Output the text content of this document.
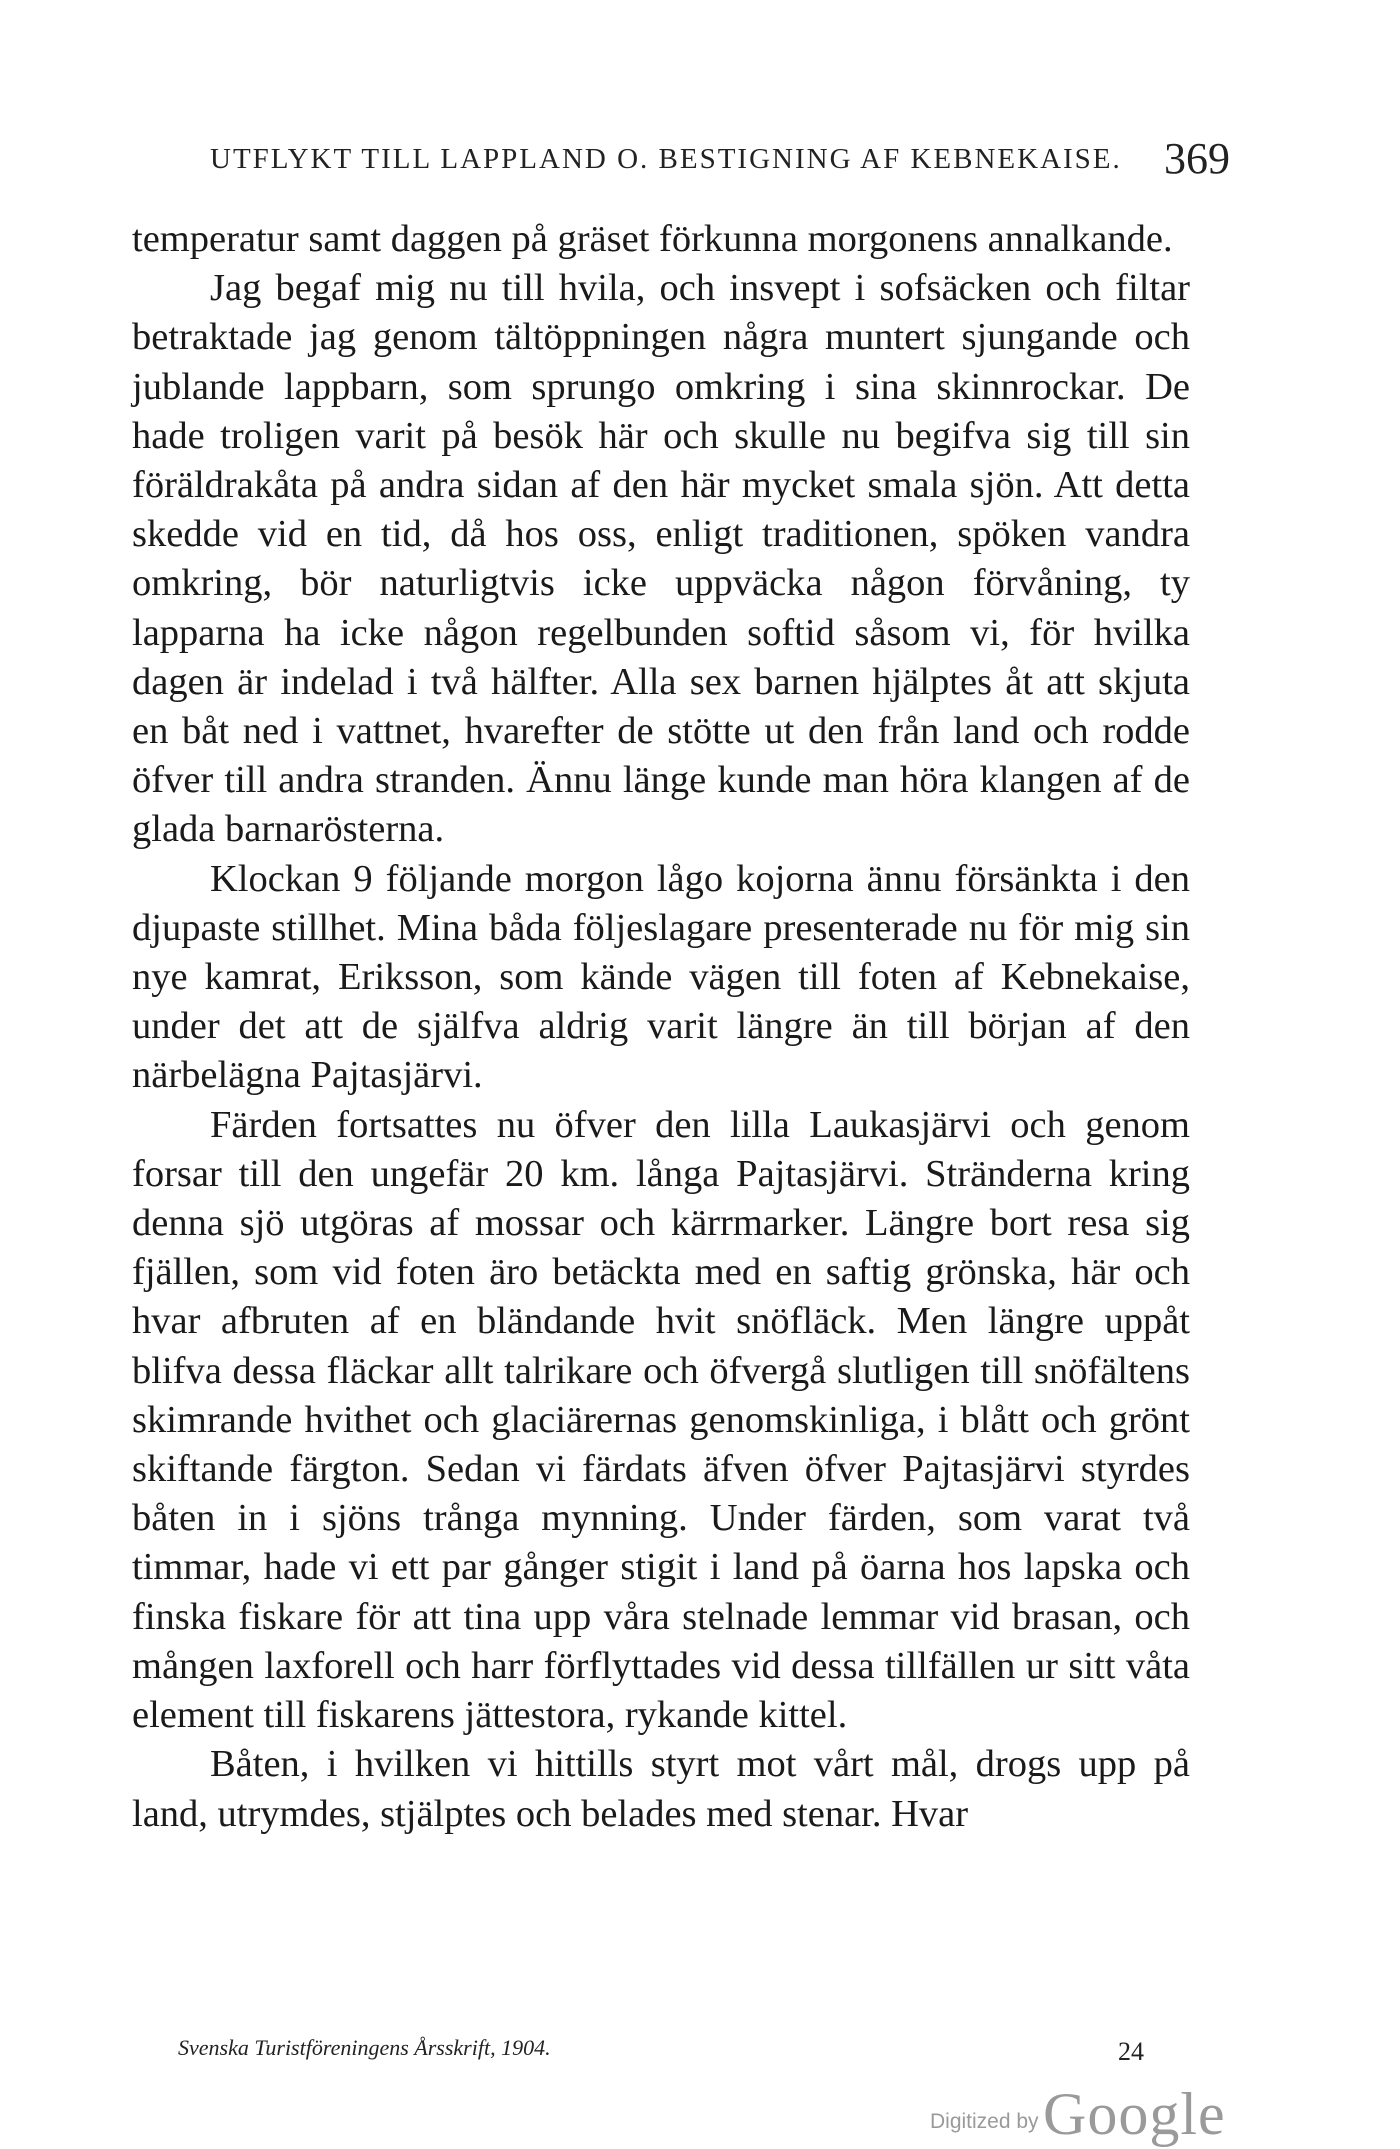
UTFLYKT TILL LAPPLAND O. BESTIGNING AF KEBNEKAISE. 369

temperatur samt daggen på gräset förkunna morgonens annalkande.

Jag begaf mig nu till hvila, och insvept i sofsäcken och filtar betraktade jag genom tältöppningen några muntert sjungande och jublande lappbarn, som sprungo omkring i sina skinnrockar. De hade troligen varit på besök här och skulle nu begifva sig till sin föräldrakåta på andra sidan af den här mycket smala sjön. Att detta skedde vid en tid, då hos oss, enligt traditionen, spöken vandra omkring, bör naturligtvis icke uppväcka någon förvåning, ty lapparna ha icke någon regelbunden softid såsom vi, för hvilka dagen är indelad i två hälfter. Alla sex barnen hjälptes åt att skjuta en båt ned i vattnet, hvarefter de stötte ut den från land och rodde öfver till andra stranden. Ännu länge kunde man höra klangen af de glada barnarösterna.

Klockan 9 följande morgon lågo kojorna ännu försänkta i den djupaste stillhet. Mina båda följeslagare presenterade nu för mig sin nye kamrat, Eriksson, som kände vägen till foten af Kebnekaise, under det att de själfva aldrig varit längre än till början af den närbelägna Pajtasjärvi.

Färden fortsattes nu öfver den lilla Laukasjärvi och genom forsar till den ungefär 20 km. långa Pajtasjärvi. Stränderna kring denna sjö utgöras af mossar och kärrmarker. Längre bort resa sig fjällen, som vid foten äro betäckta med en saftig grönska, här och hvar afbruten af en bländande hvit snöfläck. Men längre uppåt blifva dessa fläckar allt talrikare och öfvergå slutligen till snöfältens skimrande hvithet och glaciärernas genomskinliga, i blått och grönt skiftande färgton. Sedan vi färdats äfven öfver Pajtasjärvi styrdes båten in i sjöns trånga mynning. Under färden, som varat två timmar, hade vi ett par gånger stigit i land på öarna hos lapska och finska fiskare för att tina upp våra stelnade lemmar vid brasan, och mången laxforell och harr förflyttades vid dessa tillfällen ur sitt våta element till fiskarens jättestora, rykande kittel.

Båten, i hvilken vi hittills styrt mot vårt mål, drogs upp på land, utrymdes, stjälptes och belades med stenar. Hvar

Svenska Turistföreningens Årsskrift, 1904.	24
Digitized by Google
